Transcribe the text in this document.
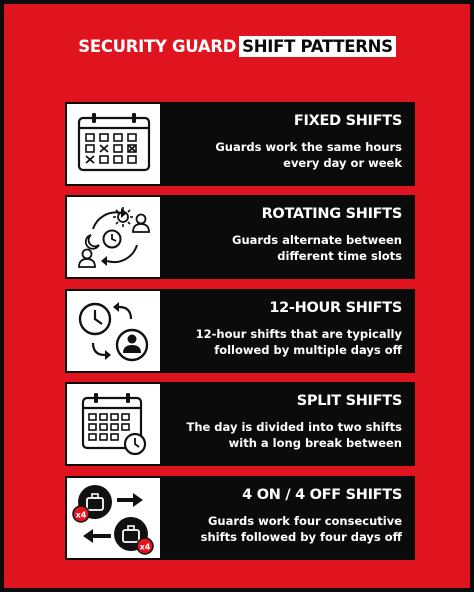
SECURITY GUARD SHIFT PATTERNS
FIXED SHIFTS
Guards work the same hours
every day or week
ROTATING SHIFTS
Guards alternate between
different time slots
12-HOUR SHIFTS
12-hour shifts that are typically
followed by multiple days off
SPLIT SHIFTS
The day is divided into two shifts
with a long break between
x4
x4
4 ON / 4 OFF SHIFTS
Guards work four consecutive
shifts followed by four days off
